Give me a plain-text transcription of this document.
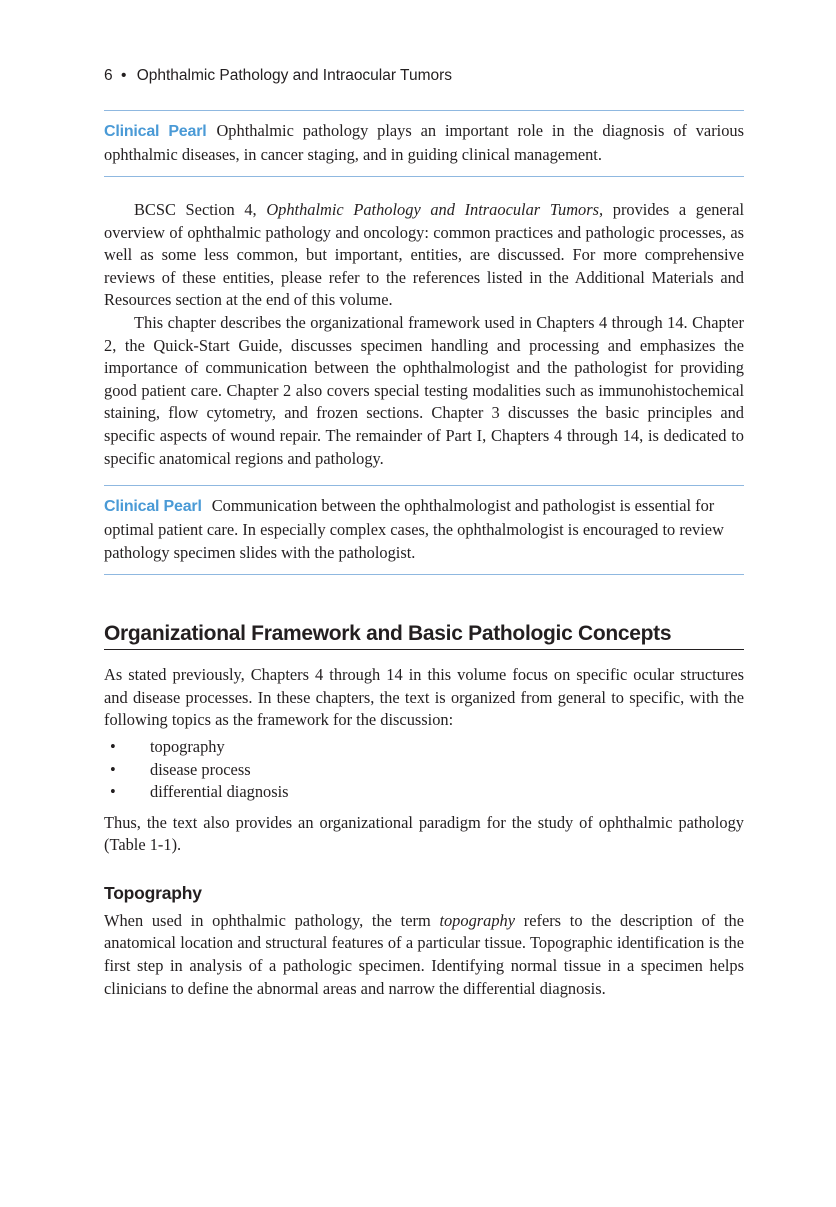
6 • Ophthalmic Pathology and Intraocular Tumors
Clinical Pearl Ophthalmic pathology plays an important role in the diagnosis of various ophthalmic diseases, in cancer staging, and in guiding clinical management.

BCSC Section 4, Ophthalmic Pathology and Intraocular Tumors, provides a general overview of ophthalmic pathology and oncology: common practices and pathologic processes, as well as some less common, but important, entities, are discussed. For more comprehensive reviews of these entities, please refer to the references listed in the Additional Materials and Resources section at the end of this volume.

This chapter describes the organizational framework used in Chapters 4 through 14. Chapter 2, the Quick-Start Guide, discusses specimen handling and processing and emphasizes the importance of communication between the ophthalmologist and the pathologist for providing good patient care. Chapter 2 also covers special testing modalities such as immunohistochemical staining, flow cytometry, and frozen sections. Chapter 3 discusses the basic principles and specific aspects of wound repair. The remainder of Part I, Chapters 4 through 14, is dedicated to specific anatomical regions and pathology.

Clinical Pearl Communication between the ophthalmologist and pathologist is essential for optimal patient care. In especially complex cases, the ophthalmologist is encouraged to review pathology specimen slides with the pathologist.
Organizational Framework and Basic Pathologic Concepts

As stated previously, Chapters 4 through 14 in this volume focus on specific ocular structures and disease processes. In these chapters, the text is organized from general to specific, with the following topics as the framework for the discussion:

• topography
• disease process
• differential diagnosis

Thus, the text also provides an organizational paradigm for the study of ophthalmic pathology (Table 1-1).

Topography

When used in ophthalmic pathology, the term topography refers to the description of the anatomical location and structural features of a particular tissue. Topographic identification is the first step in analysis of a pathologic specimen. Identifying normal tissue in a specimen helps clinicians to define the abnormal areas and narrow the differential diagnosis.
